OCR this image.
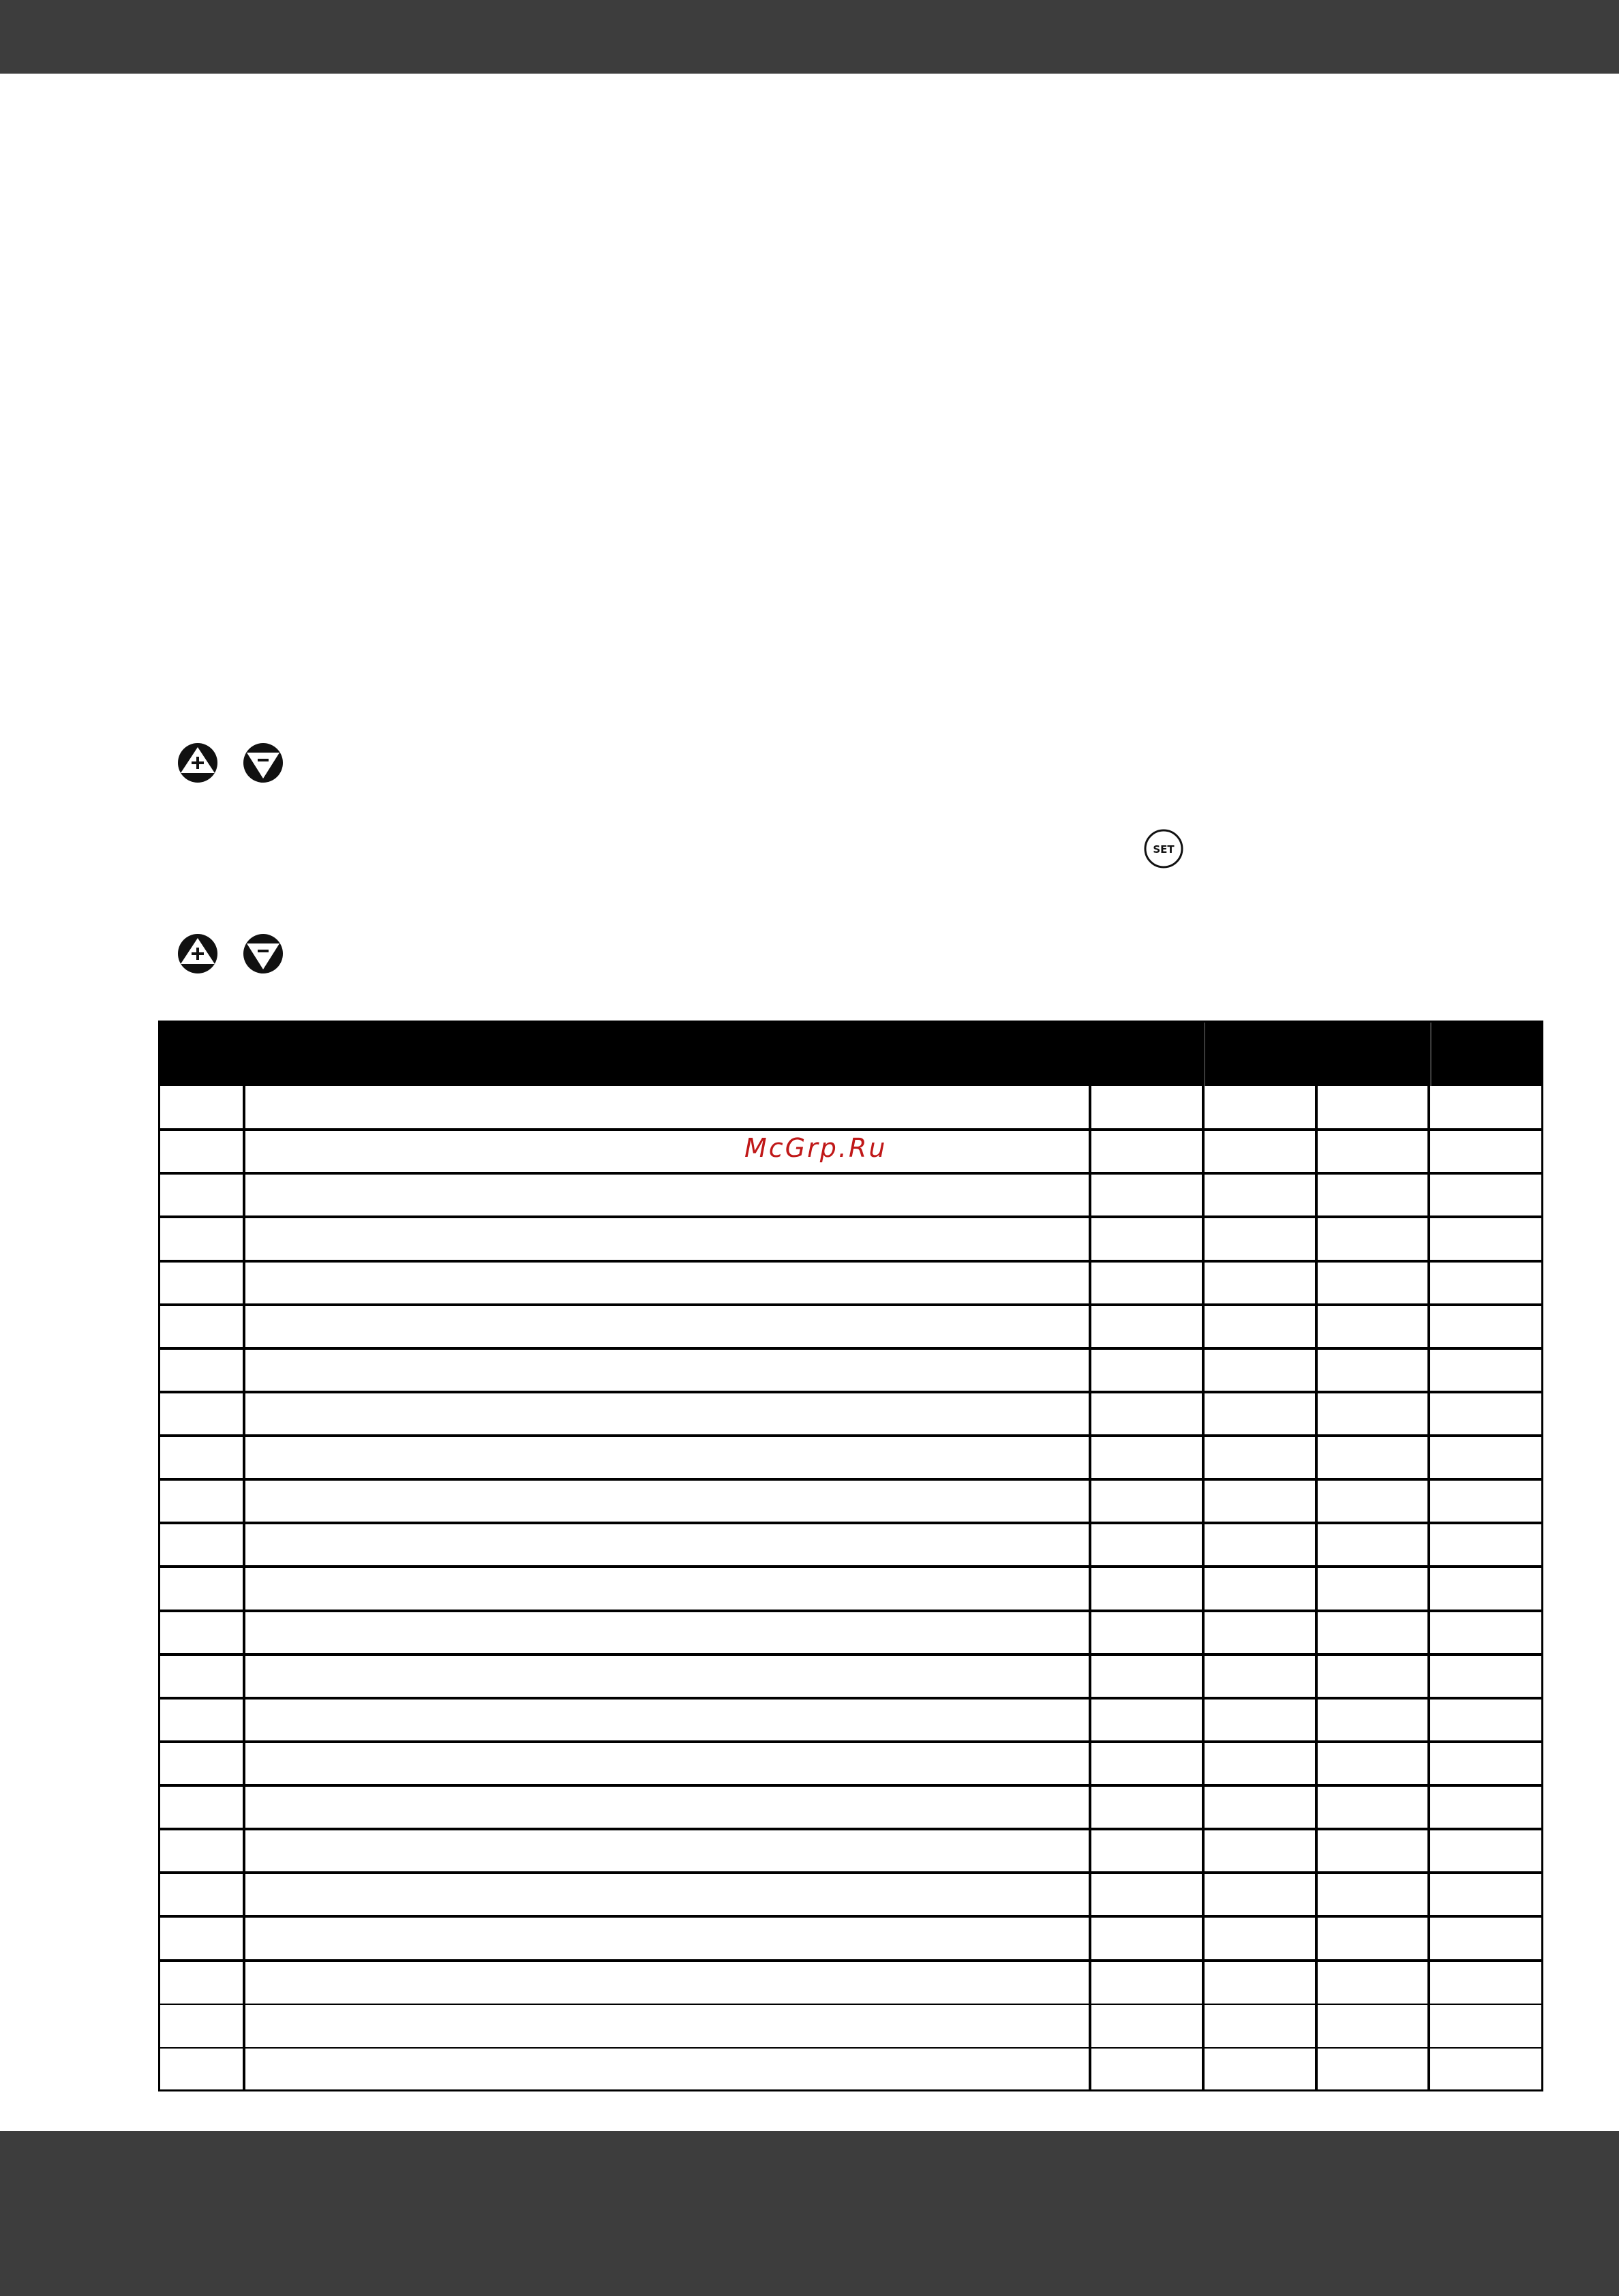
SET
McGrp.Ru
